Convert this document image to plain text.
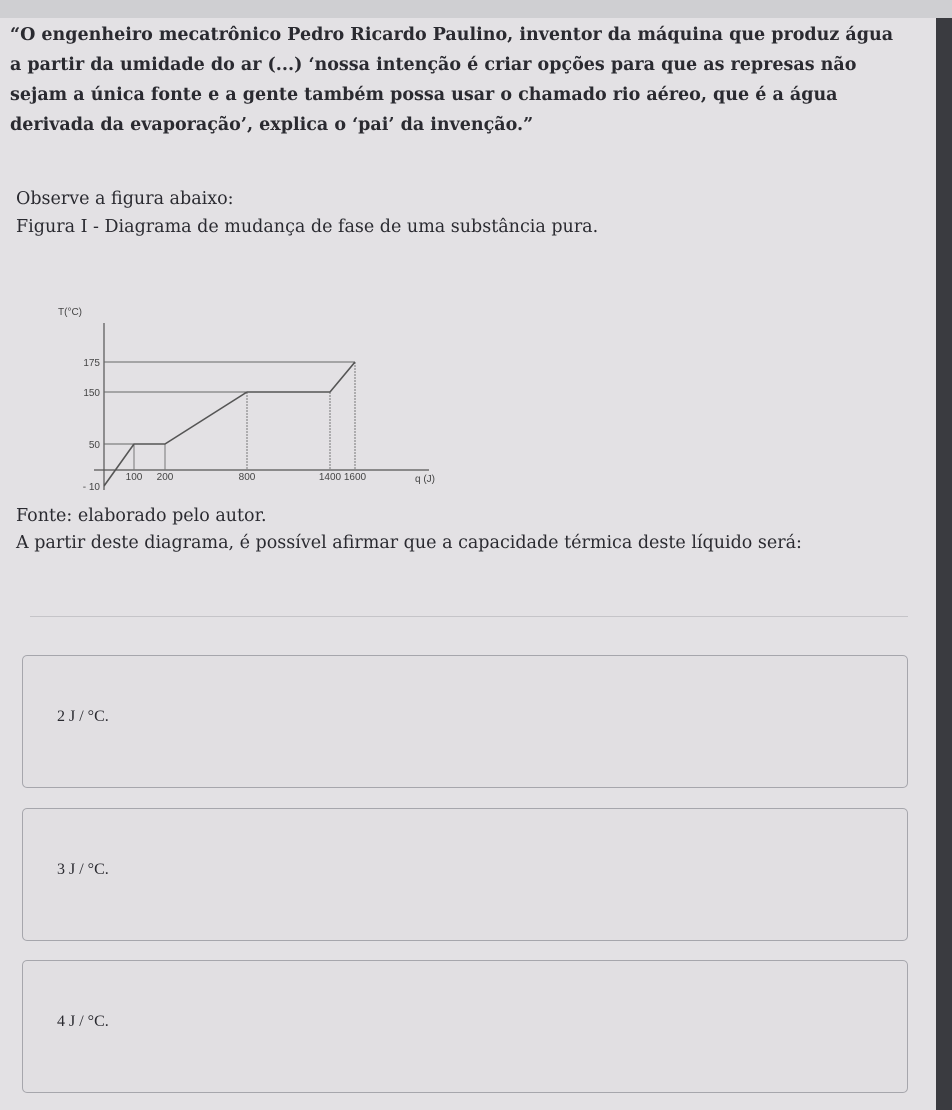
“O engenheiro mecatrônico Pedro Ricardo Paulino, inventor da máquina que produz água a partir da umidade do ar (...) ‘nossa intenção é criar opções para que as represas não sejam a única fonte e a gente também possa usar o chamado rio aéreo, que é a água derivada da evaporação’, explica o ‘pai’ da invenção.”
Observe a figura abaixo:
Figura I - Diagrama de mudança de fase de uma substância pura.
T(°C)
q (J)
100 200	800	1400 1600
175
150
50
- 10
Fonte: elaborado pelo autor.
A partir deste diagrama, é possível afirmar que a capacidade térmica deste líquido será:
2 J / °C.
3 J / °C.
4 J / °C.
